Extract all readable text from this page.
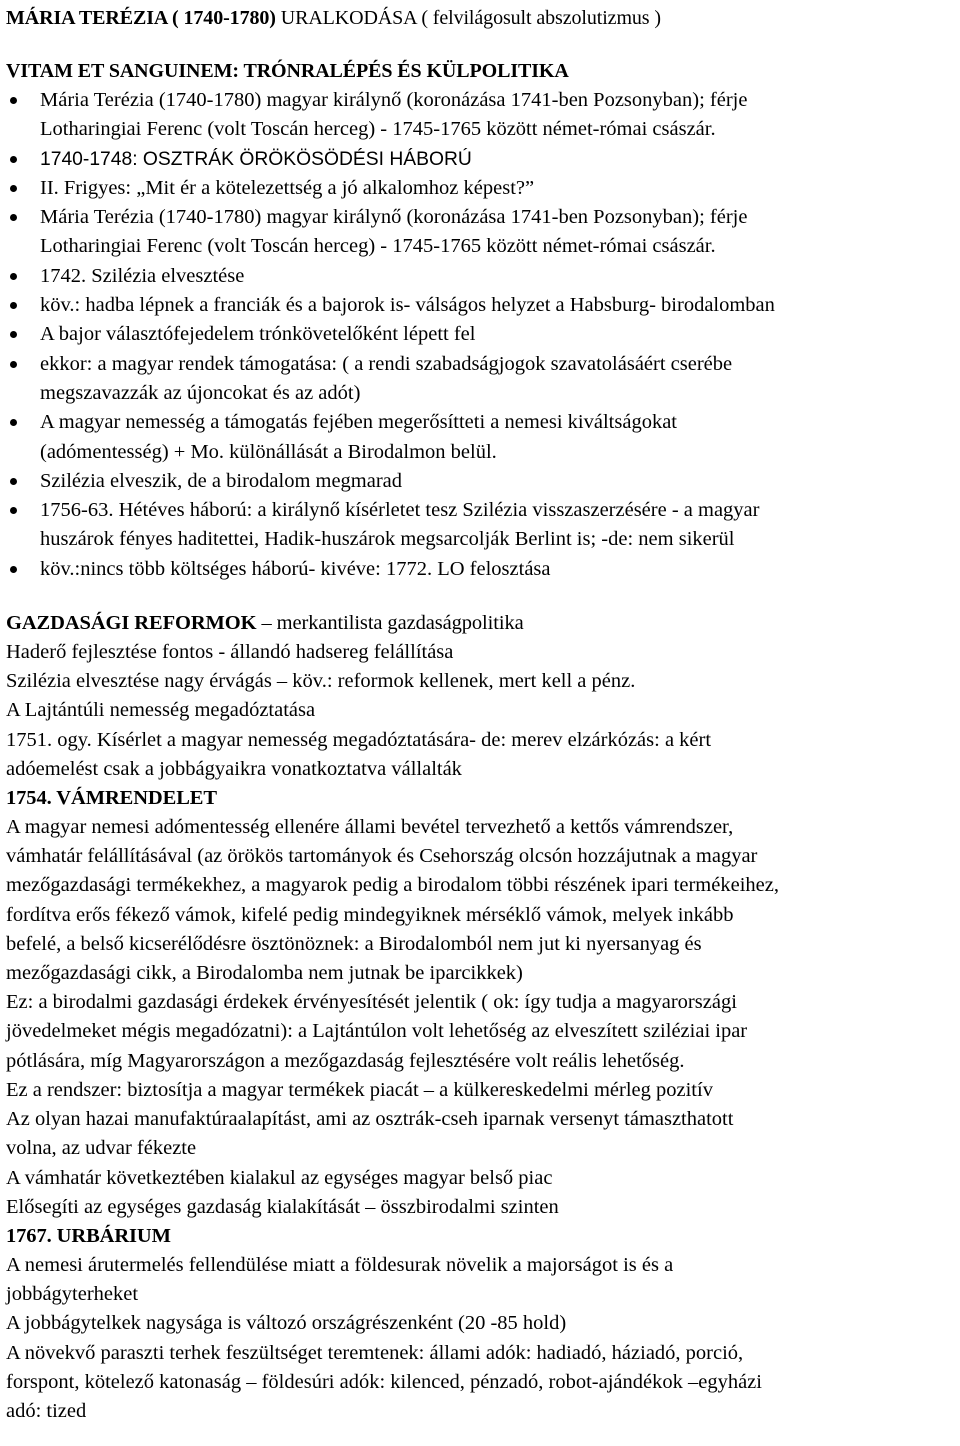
MÁRIA TERÉZIA ( 1740-1780) URALKODÁSA ( felvilágosult abszolutizmus )
VITAM ET SANGUINEM: TRÓNRALÉPÉS ÉS KÜLPOLITIKA
Mária Terézia (1740-1780) magyar királynő (koronázása 1741-ben Pozsonyban); férje
Lotharingiai Ferenc (volt Toscán herceg) - 1745-1765 között német-római császár.
1740-1748: OSZTRÁK ÖRÖKÖSÖDÉSI HÁBORÚ
II. Frigyes: „Mit ér a kötelezettség a jó alkalomhoz képest?”
Mária Terézia (1740-1780) magyar királynő (koronázása 1741-ben Pozsonyban); férje
Lotharingiai Ferenc (volt Toscán herceg) - 1745-1765 között német-római császár.
1742. Szilézia elvesztése
köv.: hadba lépnek a franciák és a bajorok is- válságos helyzet a Habsburg- birodalomban
A bajor választófejedelem trónkövetelőként lépett fel
ekkor: a magyar rendek támogatása: ( a rendi szabadságjogok szavatolásáért cserébe
megszavazzák az újoncokat és az adót)
A magyar nemesség a támogatás fejében megerősítteti a nemesi kiváltságokat
(adómentesség) + Mo. különállását a Birodalmon belül.
Szilézia elveszik, de a birodalom megmarad
1756-63. Hétéves háború: a királynő kísérletet tesz Szilézia visszaszerzésére - a magyar
huszárok fényes haditettei, Hadik-huszárok megsarcolják Berlint is; -de: nem sikerül
köv.:nincs több költséges háború- kivéve: 1772. LO felosztása
GAZDASÁGI REFORMOK – merkantilista gazdaságpolitika
Haderő fejlesztése fontos - állandó hadsereg felállítása
Szilézia elvesztése nagy érvágás – köv.: reformok kellenek, mert kell a pénz.
A Lajtántúli nemesség megadóztatása
1751. ogy. Kísérlet a magyar nemesség megadóztatására- de: merev elzárkózás: a kért
adóemelést csak a jobbágyaikra vonatkoztatva vállalták
1754. VÁMRENDELET
A magyar nemesi adómentesség ellenére állami bevétel tervezhető a kettős vámrendszer,
vámhatár felállításával (az örökös tartományok és Csehország olcsón hozzájutnak a magyar
mezőgazdasági termékekhez, a magyarok pedig a birodalom többi részének ipari termékeihez,
fordítva erős fékező vámok, kifelé pedig mindegyiknek mérséklő vámok, melyek inkább
befelé, a belső kicserélődésre ösztönöznek: a Birodalomból nem jut ki nyersanyag és
mezőgazdasági cikk, a Birodalomba nem jutnak be iparcikkek)
Ez: a birodalmi gazdasági érdekek érvényesítését jelentik ( ok: így tudja a magyarországi
jövedelmeket mégis megadózatni): a Lajtántúlon volt lehetőség az elveszített sziléziai ipar
pótlására, míg Magyarországon a mezőgazdaság fejlesztésére volt reális lehetőség.
Ez a rendszer: biztosítja a magyar termékek piacát – a külkereskedelmi mérleg pozitív
Az olyan hazai manufaktúraalapítást, ami az osztrák-cseh iparnak versenyt támaszthatott
volna, az udvar fékezte
A vámhatár következtében kialakul az egységes magyar belső piac
Elősegíti az egységes gazdaság kialakítását – összbirodalmi szinten
1767. URBÁRIUM
A nemesi árutermelés fellendülése miatt a földesurak növelik a majorságot is és a
jobbágyterheket
A jobbágytelkek nagysága is változó országrészenként (20 -85 hold)
A növekvő paraszti terhek feszültséget teremtenek: állami adók: hadiadó, háziadó, porció,
forspont, kötelező katonaság – földesúri adók: kilenced, pénzadó, robot-ajándékok –egyházi
adó: tized
